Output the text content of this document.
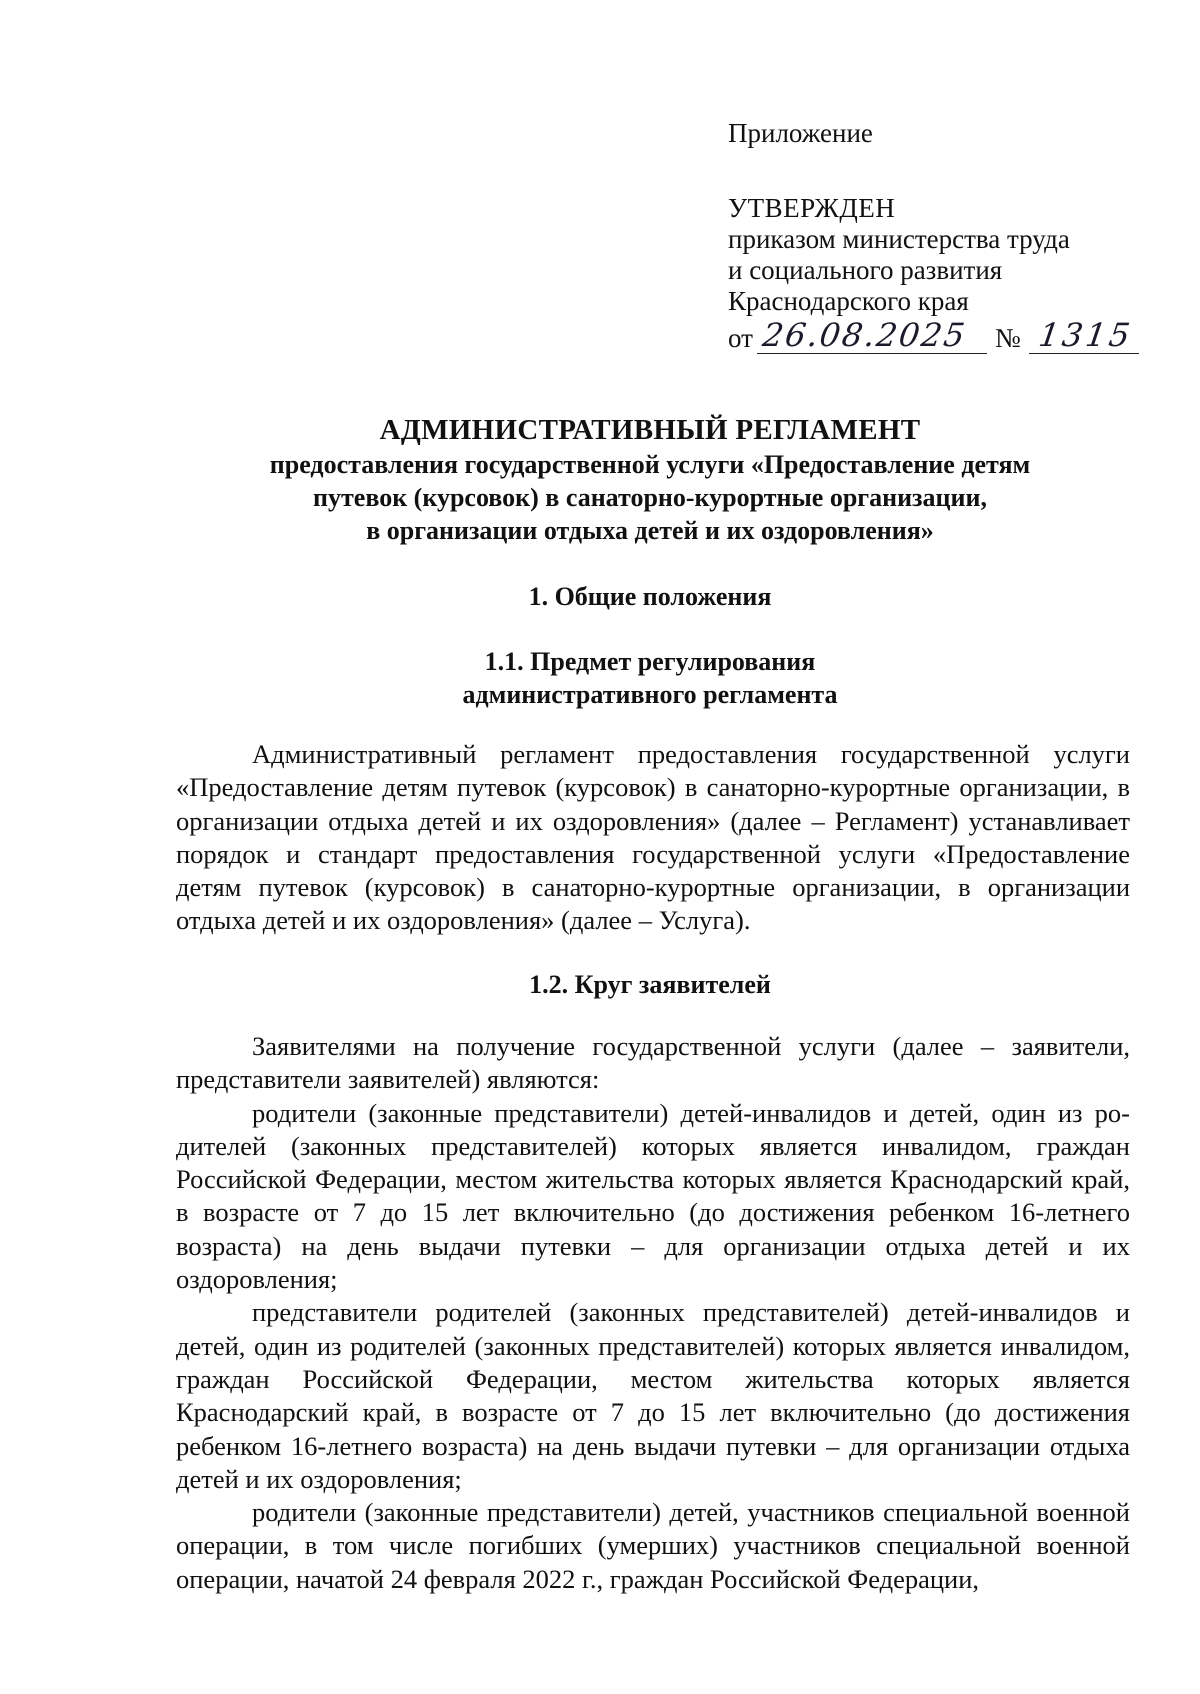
Приложение
УТВЕРЖДЕН
приказом министерства труда
и социального развития
Краснодарского края
от 26.08.2025 № 1315
АДМИНИСТРАТИВНЫЙ РЕГЛАМЕНТ
предоставления государственной услуги «Предоставление детям
путевок (курсовок) в санаторно-курортные организации,
в организации отдыха детей и их оздоровления»
1. Общие положения
1.1. Предмет регулирования
административного регламента

Административный регламент предоставления государственной услуги «Предоставление детям путевок (курсовок) в санаторно-курортные организации, в организации отдыха детей и их оздоровления» (далее – Регламент) устанавливает порядок и стандарт предоставления государственной услуги «Предоставление детям путевок (курсовок) в санаторно-курортные организации, в организации отдыха детей и их оздоровления» (далее – Услуга).

1.2. Круг заявителей

Заявителями на получение государственной услуги (далее – заявители, представители заявителей) являются:

родители (законные представители) детей-инвалидов и детей, один из родителей (законных представителей) которых является инвалидом, граждан Российской Федерации, местом жительства которых является Краснодарский край, в возрасте от 7 до 15 лет включительно (до достижения ребенком 16-летнего возраста) на день выдачи путевки – для организации отдыха детей и их оздоровления;

представители родителей (законных представителей) детей-инвалидов и детей, один из родителей (законных представителей) которых является инвалидом, граждан Российской Федерации, местом жительства которых является Краснодарский край, в возрасте от 7 до 15 лет включительно (до достижения ребенком 16-летнего возраста) на день выдачи путевки – для организации отдыха детей и их оздоровления;

родители (законные представители) детей, участников специальной военной операции, в том числе погибших (умерших) участников специальной военной операции, начатой 24 февраля 2022 г., граждан Российской Федерации,
